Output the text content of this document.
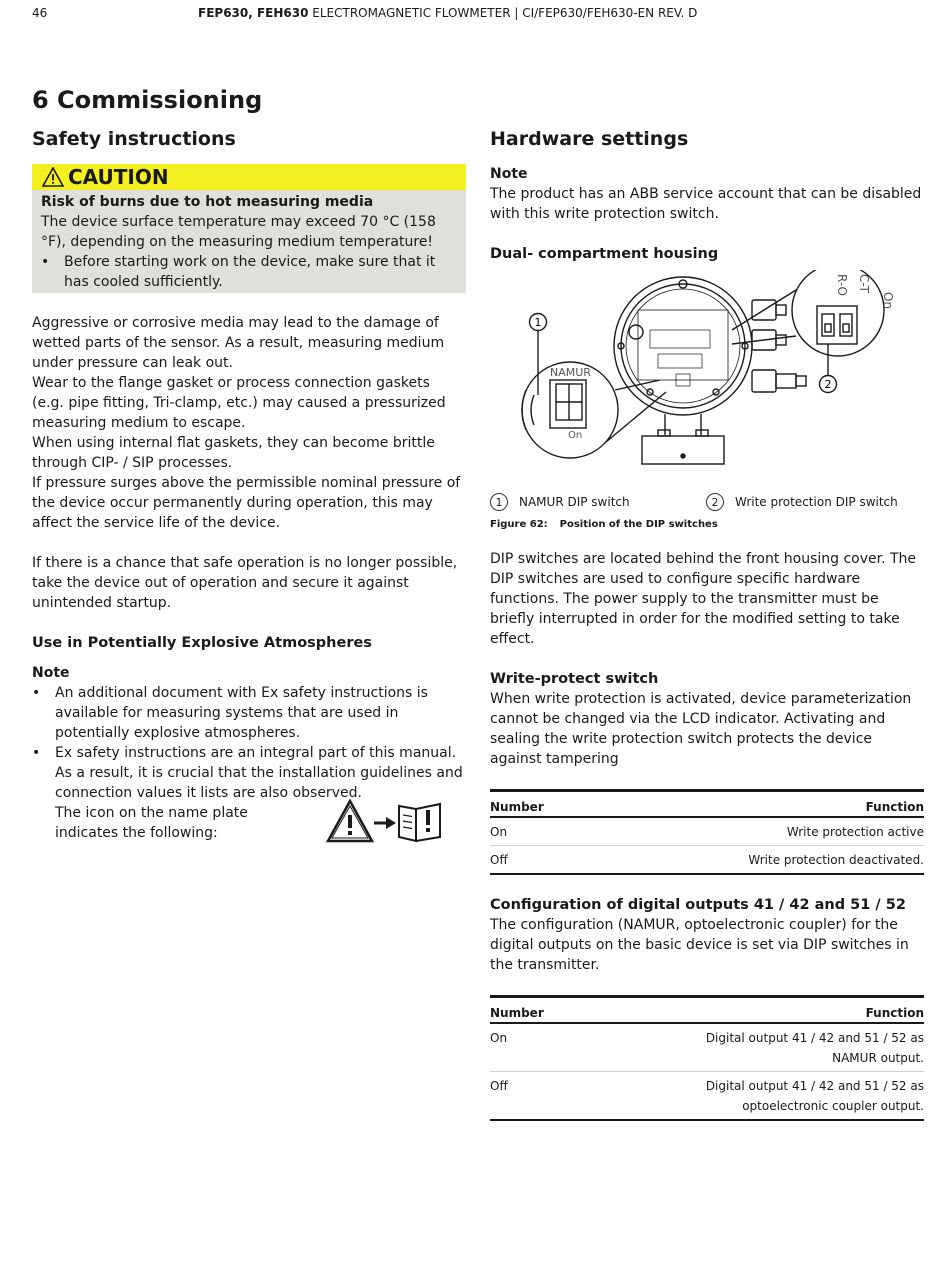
46	FEP630, FEH630 ELECTROMAGNETIC FLOWMETER | CI/FEP630/FEH630-EN REV. D
6 Commissioning
Safety instructions
CAUTION
Risk of burns due to hot measuring media
The device surface temperature may exceed 70 °C (158 °F), depending on the measuring medium temperature!
• Before starting work on the device, make sure that it has cooled sufficiently.

Aggressive or corrosive media may lead to the damage of wetted parts of the sensor. As a result, measuring medium under pressure can leak out.

Wear to the flange gasket or process connection gaskets (e.g. pipe fitting, Tri-clamp, etc.) may caused a pressurized measuring medium to escape.

When using internal flat gaskets, they can become brittle through CIP- / SIP processes.

If pressure surges above the permissible nominal pressure of the device occur permanently during operation, this may affect the service life of the device.

If there is a chance that safe operation is no longer possible, take the device out of operation and secure it against unintended startup.

Use in Potentially Explosive Atmospheres
Note
• An additional document with Ex safety instructions is available for measuring systems that are used in potentially explosive atmospheres.
• Ex safety instructions are an integral part of this manual. As a result, it is crucial that the installation guidelines and connection values it lists are also observed.

The icon on the name plate indicates the following:

Hardware settings
Note

The product has an ABB service account that can be disabled with this write protection switch.

Dual- compartment housing
1
2
NAMUR
On
C-T
R-O
On
1	NAMUR DIP switch	2	Write protection DIP switch
Figure 62: Position of the DIP switches

DIP switches are located behind the front housing cover. The DIP switches are used to configure specific hardware functions. The power supply to the transmitter must be briefly interrupted in order for the modified setting to take effect.

Write-protect switch

When write protection is activated, device parameterization cannot be changed via the LCD indicator. Activating and sealing the write protection switch protects the device against tampering

Number	Function
On	Write protection active
Off	Write protection deactivated.
Configuration of digital outputs 41 / 42 and 51 / 52

The configuration (NAMUR, optoelectronic coupler) for the digital outputs on the basic device is set via DIP switches in the transmitter.

Number	Function
On	Digital output 41 / 42 and 51 / 52 as
NAMUR output.
Off	Digital output 41 / 42 and 51 / 52 as
optoelectronic coupler output.
